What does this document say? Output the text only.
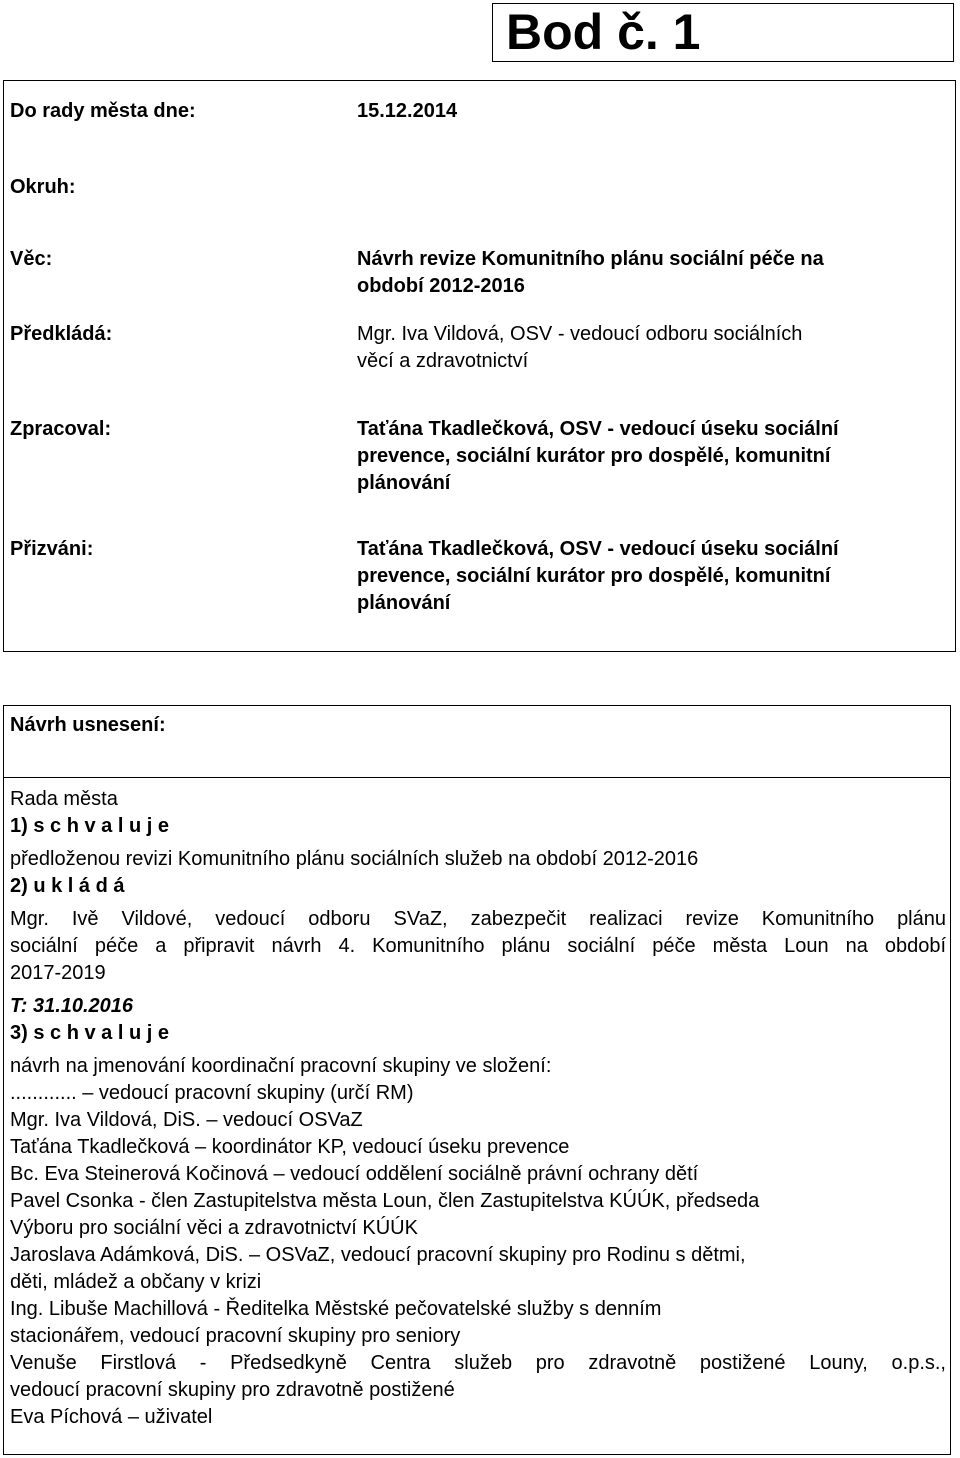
Bod č. 1
Do rady města dne:	15.12.2014
Okruh:
Věc:	Návrh revize Komunitního plánu sociální péče na
období 2012-2016
Předkládá:	Mgr. Iva Vildová, OSV - vedoucí odboru sociálních
věcí a zdravotnictví
Zpracoval:	Taťána Tkadlečková, OSV - vedoucí úseku sociální
prevence, sociální kurátor pro dospělé, komunitní
plánování
Přizváni:	Taťána Tkadlečková, OSV - vedoucí úseku sociální
prevence, sociální kurátor pro dospělé, komunitní
plánování
Návrh usnesení:
Rada města
1) s c h v a l u j e
předloženou revizi Komunitního plánu sociálních služeb na období 2012-2016
2) u k l á d á
Mgr. Ivě Vildové, vedoucí odboru SVaZ, zabezpečit realizaci revize Komunitního plánu
sociální péče a připravit návrh 4. Komunitního plánu sociální péče města Loun na období
2017-2019
T: 31.10.2016
3) s c h v a l u j e
návrh na jmenování koordinační pracovní skupiny ve složení:
............ – vedoucí pracovní skupiny (určí RM)
Mgr. Iva Vildová, DiS. – vedoucí OSVaZ
Taťána Tkadlečková – koordinátor KP, vedoucí úseku prevence
Bc. Eva Steinerová Kočinová – vedoucí oddělení sociálně právní ochrany dětí
Pavel Csonka - člen Zastupitelstva města Loun, člen Zastupitelstva KÚÚK, předseda
Výboru pro sociální věci a zdravotnictví KÚÚK
Jaroslava Adámková, DiS. – OSVaZ, vedoucí pracovní skupiny pro Rodinu s dětmi,
děti, mládež a občany v krizi
Ing. Libuše Machillová - Ředitelka Městské pečovatelské služby s denním
stacionářem, vedoucí pracovní skupiny pro seniory
Venuše Firstlová - Předsedkyně Centra služeb pro zdravotně postižené Louny, o.p.s.,
vedoucí pracovní skupiny pro zdravotně postižené
Eva Píchová – uživatel
